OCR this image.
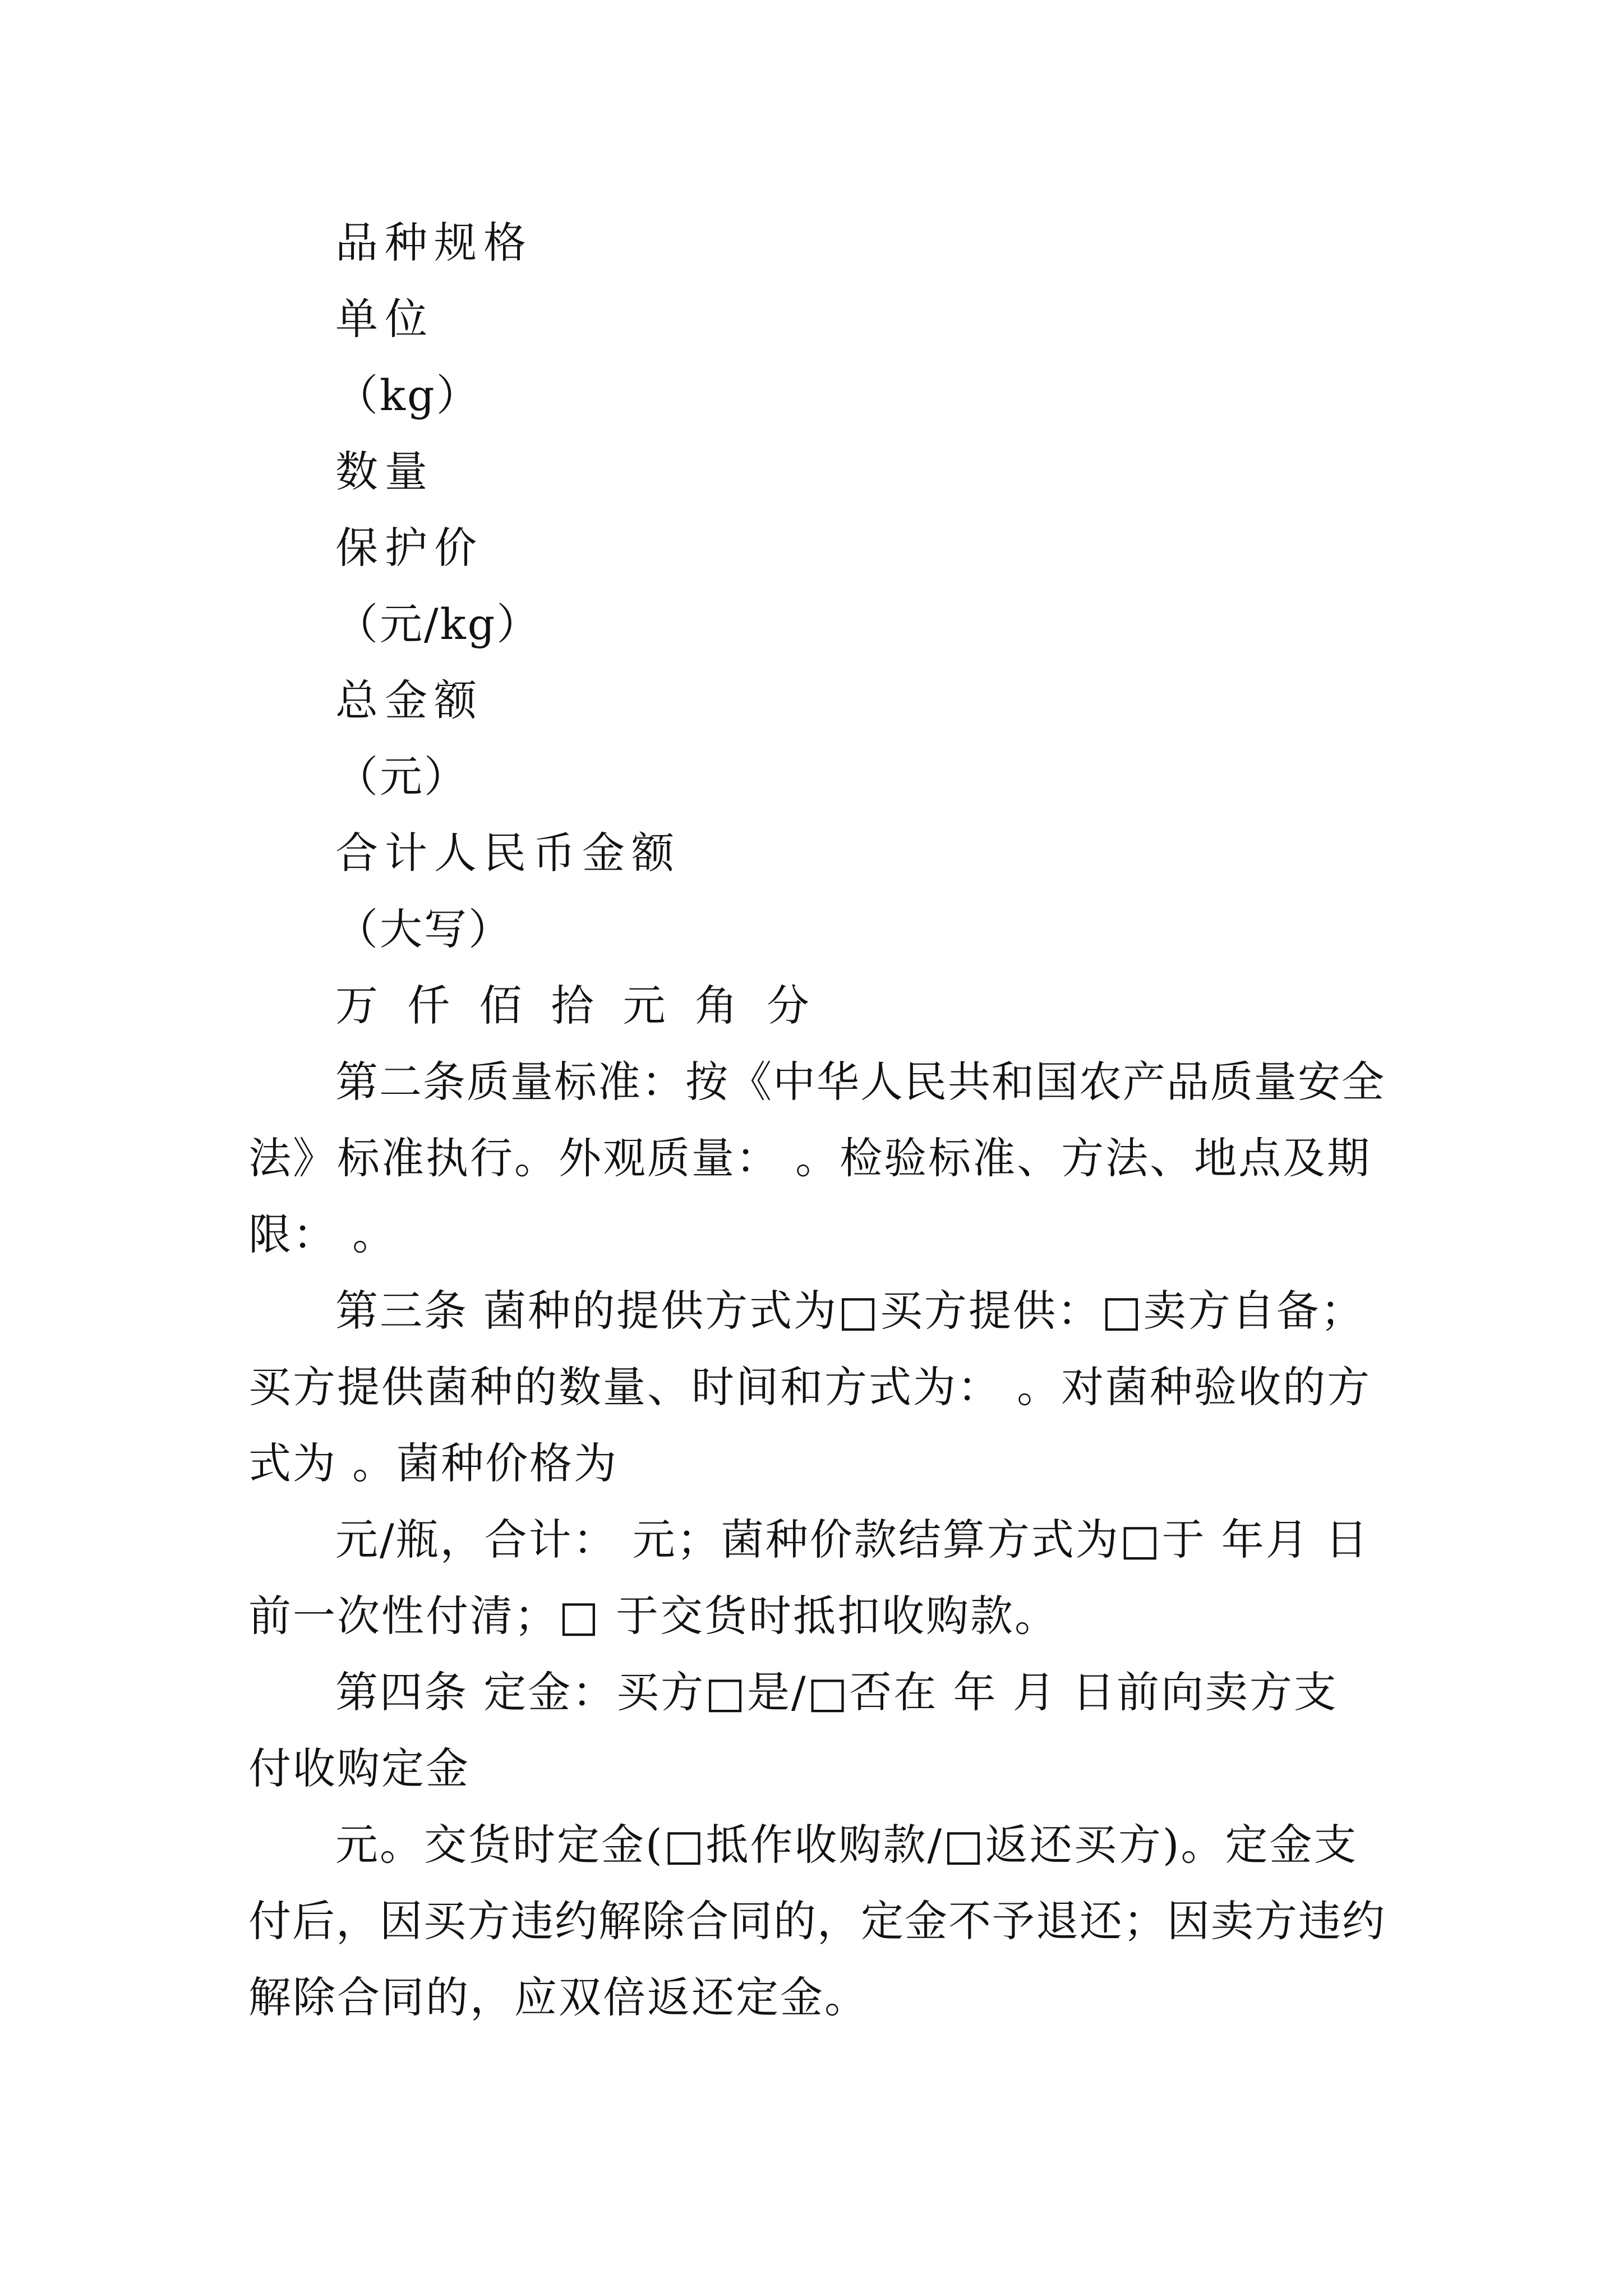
品种规格
单位
（kg）
数量
保护价
（元/kg）
总金额
（元）
合计人民币金额
（大写）
万 仟 佰 拾 元 角 分
第二条质量标准：按《中华人民共和国农产品质量安全
法》标准执行。外观质量： 。检验标准、方法、地点及期
限： 。
第三条 菌种的提供方式为□买方提供：□卖方自备；
买方提供菌种的数量、时间和方式为： 。对菌种验收的方
式为 。菌种价格为
元/瓶，合计： 元；菌种价款结算方式为□于 年月 日
前一次性付清；□ 于交货时抵扣收购款。
第四条 定金：买方□是/□否在 年 月 日前向卖方支
付收购定金
元。交货时定金(□抵作收购款/□返还买方)。定金支
付后，因买方违约解除合同的，定金不予退还；因卖方违约
解除合同的，应双倍返还定金。
